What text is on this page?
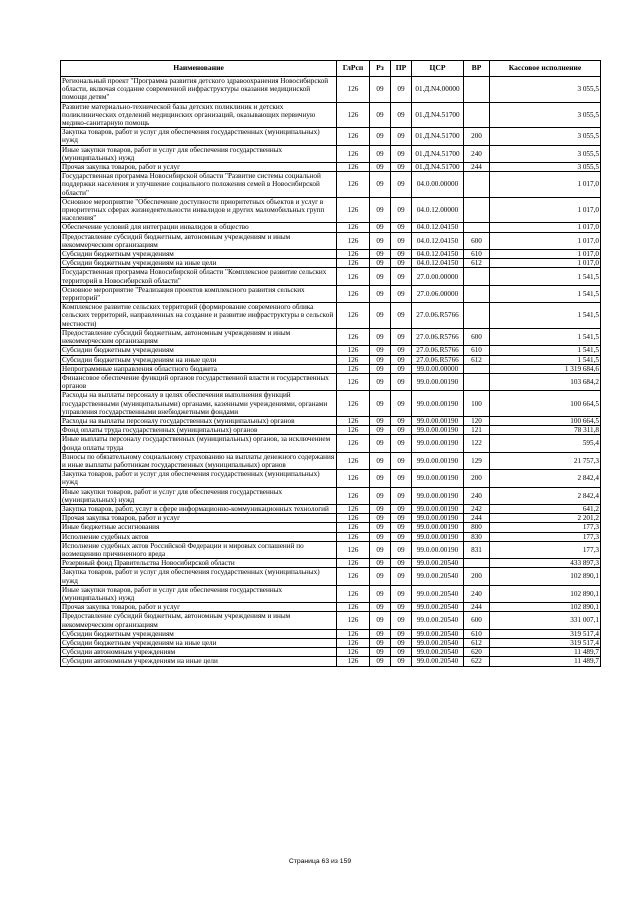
Наименование	ГлРсп	Рз	ПР	ЦСР	ВР	Кассовое исполнение
Региональный проект "Программа развития детского здравоохранения Новосибирской области, включая создание современной инфраструктуры оказания медицинской помощи детям"	126	09	09	01.Д.N4.00000		3 055,5
Развитие материально-технической базы детских поликлиник и детских поликлинических отделений медицинских организаций, оказывающих первичную медико-санитарную помощь	126	09	09	01.Д.N4.51700		3 055,5
Закупка товаров, работ и услуг для обеспечения государственных (муниципальных) нужд	126	09	09	01.Д.N4.51700	200	3 055,5
Иные закупки товаров, работ и услуг для обеспечения государственных (муниципальных) нужд	126	09	09	01.Д.N4.51700	240	3 055,5
Прочая закупка товаров, работ и услуг	126	09	09	01.Д.N4.51700	244	3 055,5
Государственная программа Новосибирской области "Развитие системы социальной поддержки населения и улучшение социального положения семей в Новосибирской области"	126	09	09	04.0.00.00000		1 017,0
Основное мероприятие "Обеспечение доступности приоритетных объектов и услуг в приоритетных сферах жизнедеятельности инвалидов и других маломобильных групп населения"	126	09	09	04.0.12.00000		1 017,0
Обеспечение условий для интеграции инвалидов в общество	126	09	09	04.0.12.04150		1 017,0
Предоставление субсидий бюджетным, автономным учреждениям и иным некоммерческим организациям	126	09	09	04.0.12.04150	600	1 017,0
Субсидии бюджетным учреждениям	126	09	09	04.0.12.04150	610	1 017,0
Субсидии бюджетным учреждениям на иные цели	126	09	09	04.0.12.04150	612	1 017,0
Государственная программа Новосибирской области "Комплексное развитие сельских территорий в Новосибирской области"	126	09	09	27.0.00.00000		1 541,5
Основное мероприятие "Реализация проектов комплексного развития сельских территорий"	126	09	09	27.0.06.00000		1 541,5
Комплексное развитие сельских территорий (формирование современного облика сельских территорий, направленных на создание и развитие инфраструктуры в сельской местности)	126	09	09	27.0.06.R5766		1 541,5
Предоставление субсидий бюджетным, автономным учреждениям и иным некоммерческим организациям	126	09	09	27.0.06.R5766	600	1 541,5
Субсидии бюджетным учреждениям	126	09	09	27.0.06.R5766	610	1 541,5
Субсидии бюджетным учреждениям на иные цели	126	09	09	27.0.06.R5766	612	1 541,5
Непрограммные направления областного бюджета	126	09	09	99.0.00.00000		1 319 684,6
Финансовое обеспечение функций органов государственной власти и государственных органов	126	09	09	99.0.00.00190		103 684,2
Расходы на выплаты персоналу в целях обеспечения выполнения функций государственными (муниципальными) органами, казенными учреждениями, органами управления государственными внебюджетными фондами	126	09	09	99.0.00.00190	100	100 664,5
Расходы на выплаты персоналу государственных (муниципальных) органов	126	09	09	99.0.00.00190	120	100 664,5
Фонд оплаты труда государственных (муниципальных) органов	126	09	09	99.0.00.00190	121	78 311,8
Иные выплаты персоналу государственных (муниципальных) органов, за исключением фонда оплаты труда	126	09	09	99.0.00.00190	122	595,4
Взносы по обязательному социальному страхованию на выплаты денежного содержания и иные выплаты работникам государственных (муниципальных) органов	126	09	09	99.0.00.00190	129	21 757,3
Закупка товаров, работ и услуг для обеспечения государственных (муниципальных) нужд	126	09	09	99.0.00.00190	200	2 842,4
Иные закупки товаров, работ и услуг для обеспечения государственных (муниципальных) нужд	126	09	09	99.0.00.00190	240	2 842,4
Закупка товаров, работ, услуг в сфере информационно-коммуникационных технологий	126	09	09	99.0.00.00190	242	641,2
Прочая закупка товаров, работ и услуг	126	09	09	99.0.00.00190	244	2 201,2
Иные бюджетные ассигнования	126	09	09	99.0.00.00190	800	177,3
Исполнение судебных актов	126	09	09	99.0.00.00190	830	177,3
Исполнение судебных актов Российской Федерации и мировых соглашений по возмещению причиненного вреда	126	09	09	99.0.00.00190	831	177,3
Резервный фонд Правительства Новосибирской области	126	09	09	99.0.00.20540		433 897,3
Закупка товаров, работ и услуг для обеспечения государственных (муниципальных) нужд	126	09	09	99.0.00.20540	200	102 890,1
Иные закупки товаров, работ и услуг для обеспечения государственных (муниципальных) нужд	126	09	09	99.0.00.20540	240	102 890,1
Прочая закупка товаров, работ и услуг	126	09	09	99.0.00.20540	244	102 890,1
Предоставление субсидий бюджетным, автономным учреждениям и иным некоммерческим организациям	126	09	09	99.0.00.20540	600	331 007,1
Субсидии бюджетным учреждениям	126	09	09	99.0.00.20540	610	319 517,4
Субсидии бюджетным учреждениям на иные цели	126	09	09	99.0.00.20540	612	319 517,4
Субсидии автономным учреждениям	126	09	09	99.0.00.20540	620	11 489,7
Субсидии автономным учреждениям на иные цели	126	09	09	99.0.00.20540	622	11 489,7
Страница 63 из 159
